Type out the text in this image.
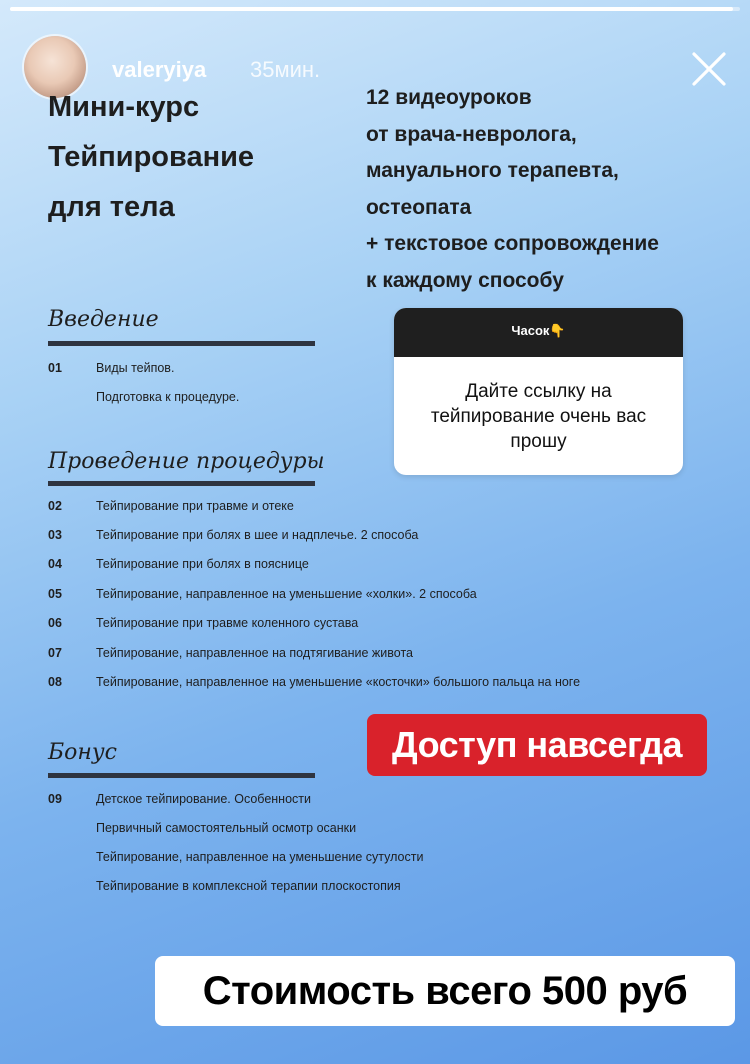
valeryiya 35мин.
Мини-курс
Тейпирование
для тела
12 видеоуроков
от врача-невролога,
мануального терапевта,
остеопата
+ текстовое сопровождение
к каждому способу
Введение
01	Виды тейпов.
Подготовка к процедуре.
Проведение процедуры
02	Тейпирование при травме и отеке
03	Тейпирование при болях в шее и надплечье. 2 способа
04	Тейпирование при болях в пояснице
05	Тейпирование, направленное на уменьшение «холки». 2 способа
06	Тейпирование при травме коленного сустава
07	Тейпирование, направленное на подтягивание живота
08	Тейпирование, направленное на уменьшение «косточки» большого пальца на ноге
Бонус
09	Детское тейпирование. Особенности
Первичный самостоятельный осмотр осанки
Тейпирование, направленное на уменьшение сутулости
Тейпирование в комплексной терапии плоскостопия
Часок👇

Дайте ссылку на тейпирование очень вас прошу

Доступ навсегда
Стоимость всего 500 руб
